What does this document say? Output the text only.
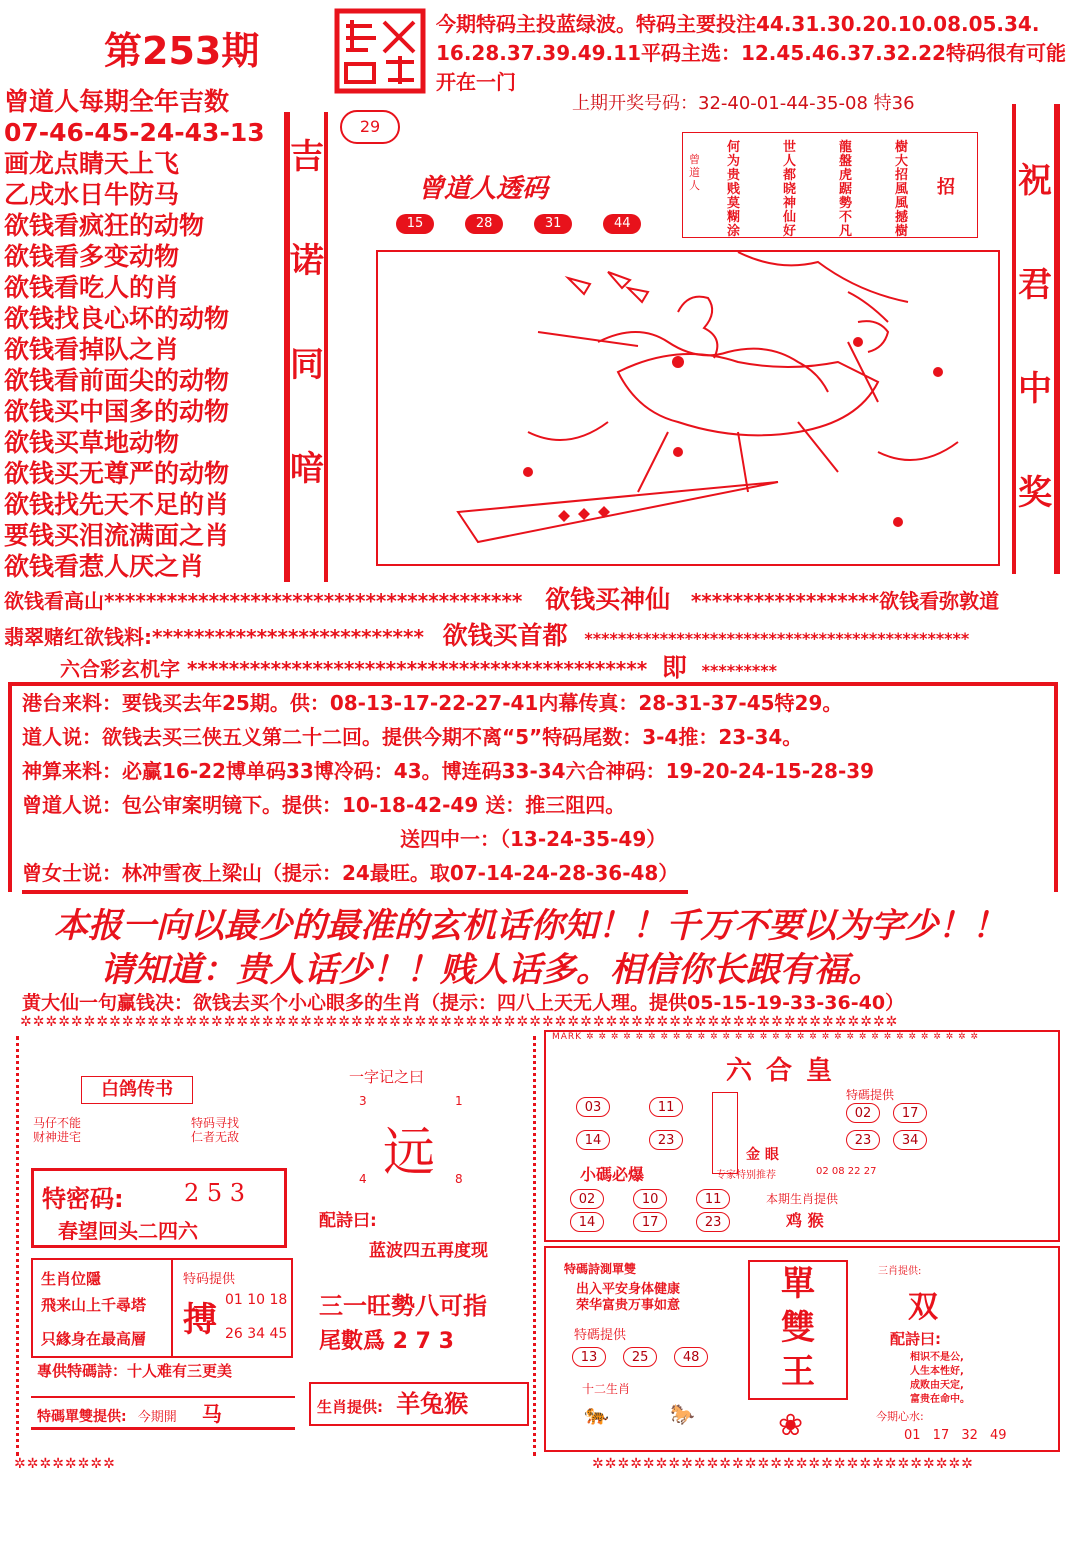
第253期
今期特码主投蓝绿波。特码主要投注44.31.30.20.10.08.05.34.
16.28.37.39.49.11平码主选：12.45.46.37.32.22特码很有可能
开在一门
上期开奖号码：32-40-01-44-35-08 特36
曾道人每期全年吉数
07-46-45-24-43-13
画龙点睛天上飞
乙戌水日牛防马
欲钱看疯狂的动物
欲钱看多变动物
欲钱看吃人的肖
欲钱找良心坏的动物
欲钱看掉队之肖
欲钱看前面尖的动物
欲钱买中国多的动物
欲钱买草地动物
欲钱买无尊严的动物
欲钱找先天不足的肖
要钱买泪流满面之肖
欲钱看惹人厌之肖
吉
诺
同
喑
祝
君
中
奖
29
曾道人透码
15	28	31	44
曾道人
何为贵贱莫糊涂
世人都晓神仙好
龍盤虎踞勢不凡
樹大招風風撼樹
招
欲钱看高山**************************************** 欲钱买神仙 ******************欲钱看弥敦道
翡翠赌红欲钱料:************************** 欲钱买首都 **********************************************
六合彩玄机字 ******************************************** 即 *********
港台来料：要钱买去年25期。供：08-13-17-22-27-41内幕传真：28-31-37-45特29。
道人说：欲钱去买三侠五义第二十二回。提供今期不离“5”特码尾数：3-4推：23-34。
神算来料：必赢16-22博单码33博冷码：43。博连码33-34六合神码：19-20-24-15-28-39
曾道人说：包公审案明镜下。提供：10-18-42-49 送：推三阻四。
送四中一：（13-24-35-49）
曾女士说：林冲雪夜上梁山（提示：24最旺。取07-14-24-28-36-48）
本报一向以最少的最准的玄机话你知！！千万不要以为字少！！
请知道：贵人话少！！贱人话多。相信你长跟有福。
黄大仙一句赢钱决：欲钱去买个小心眼多的生肖（提示：四八上天无人理。提供05-15-19-33-36-40）
✲✲✲✲✲✲✲✲✲✲✲✲✲✲✲✲✲✲✲✲✲✲✲✲✲✲✲✲✲✲✲✲✲✲✲✲✲✲✲✲✲✲✲✲✲✲✲✲✲✲✲✲✲✲✲✲✲✲✲✲✲✲✲✲✲✲✲✲✲
白鸽传书
马仔不能
财神进宅
特码寻找
仁者无敌
一字记之曰
3	1
远
4	8
配詩曰:
蓝波四五再度现
特密码:	2 5 3
春望回头二四六
生肖位隱
飛来山上千尋塔
只緣身在最高層
特码提供
搏 01 10 18
26 34 45
專供特碼詩：十人难有三更美
三一旺勢八可指
尾數爲 2 7 3
特碼單雙提供: 今期開 马	生肖提供: 羊兔猴
✲✲✲✲✲✲✲✲
MARK ✲ ✲ ✲ ✲ ✲ ✲ ✲ ✲ ✲ ✲ ✲ ✲ ✲ ✲ ✲ ✲ ✲ ✲ ✲ ✲ ✲ ✲ ✲ ✲ ✲ ✲ ✲ ✲ ✲ ✲ ✲ ✲
六合皇
03	11
14	23
特碼提供
02 17
23 34
金 眼
专家特别推荐	02 08 22 27
小碼必爆
02	10	11
14	17	23
本期生肖提供
鸡 猴
特碼詩測單雙
出入平安身体健康
荣华富贵万事如意
特碼提供
13	25	48
十二生肖
🐅	🐎
單
雙
王
❀
三肖提供:
双
配詩曰:
相识不是公,
人生本性好,
成败由天定,
富贵在命中。
今期心水:
01 17 32 49
✲✲✲✲✲✲✲✲✲✲✲✲✲✲✲✲✲✲✲✲✲✲✲✲✲✲✲✲✲✲
